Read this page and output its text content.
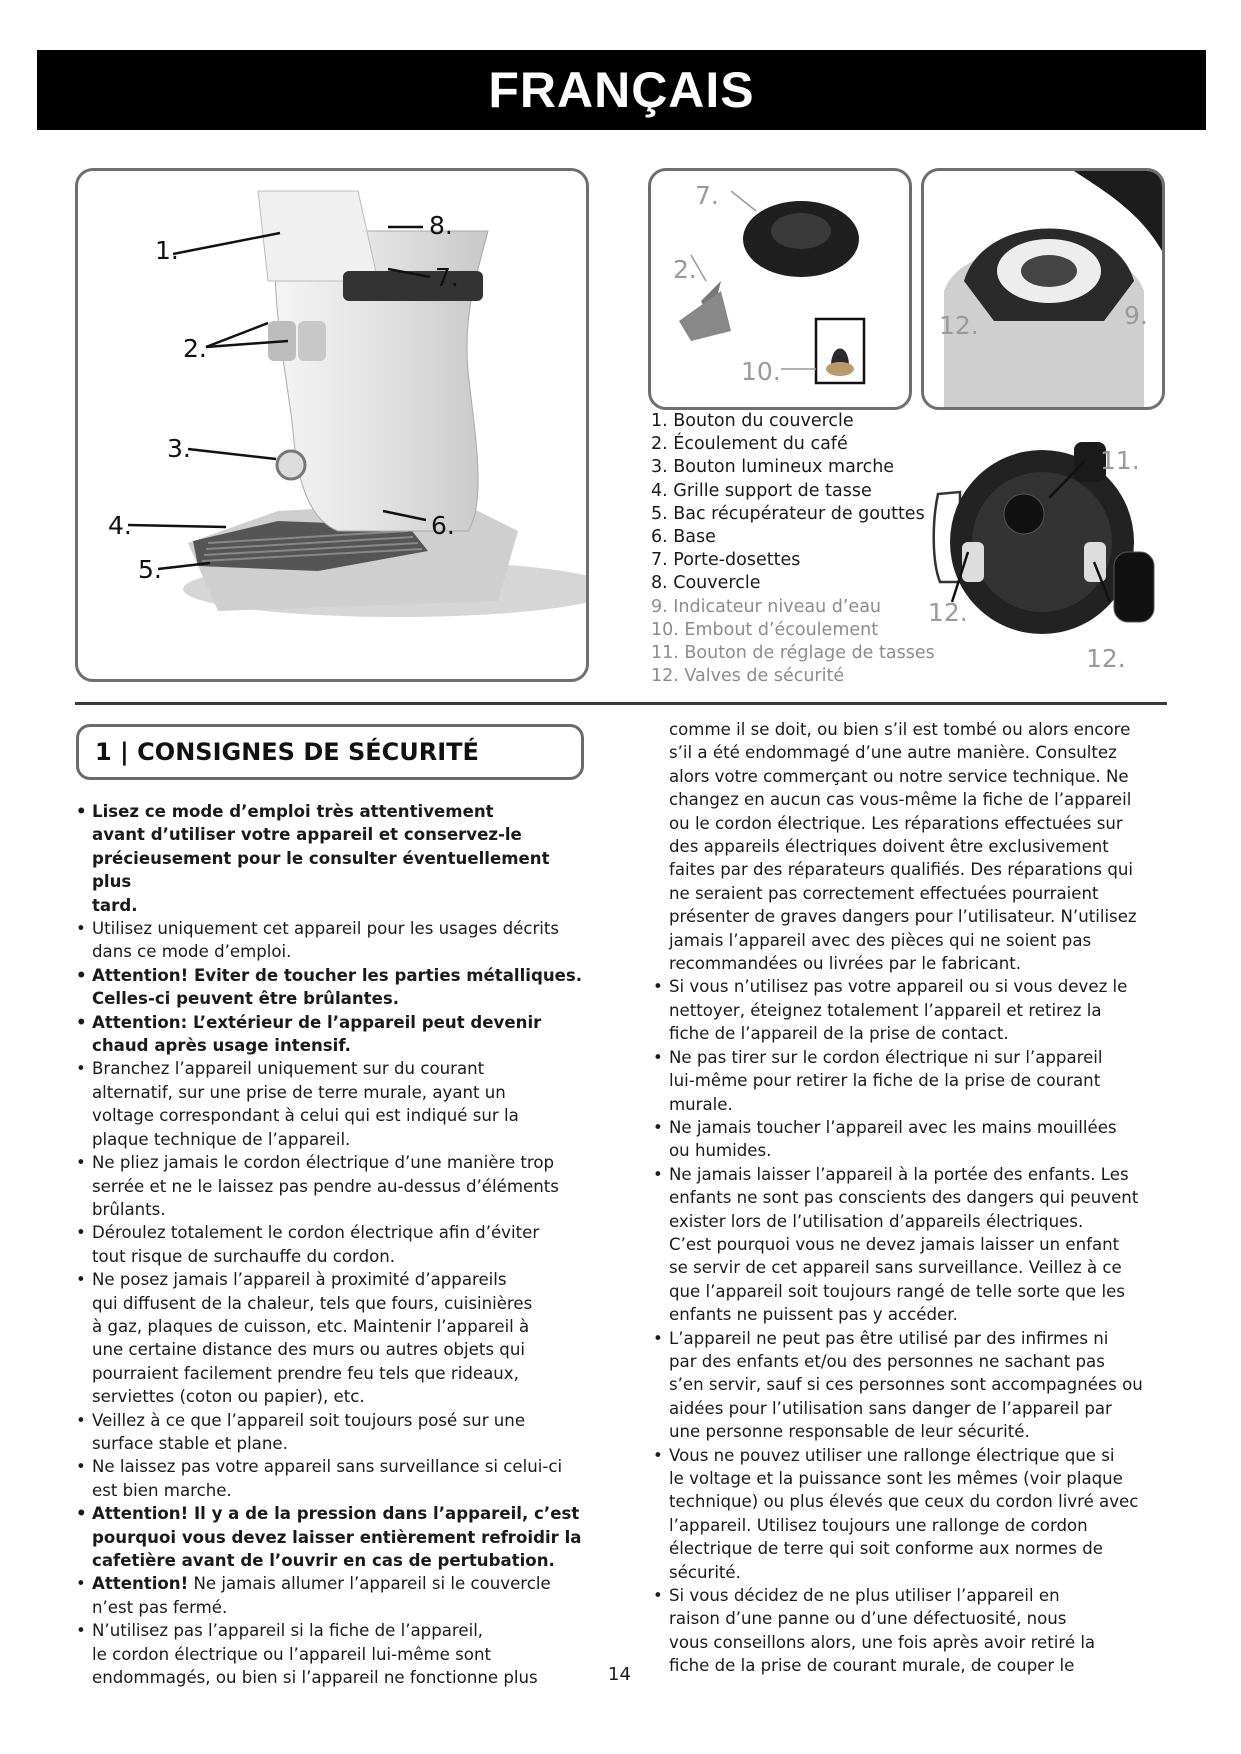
FRANÇAIS
1.
2.
3.
4.
5.
6.
7.
8.
7.
2.
10.
12.	9.
1. Bouton du couvercle
2. Écoulement du café
3. Bouton lumineux marche
4. Grille support de tasse
5. Bac récupérateur de gouttes
6. Base
7. Porte-dosettes
8. Couvercle
9. Indicateur niveau d’eau
10. Embout d’écoulement
11. Bouton de réglage de tasses
12. Valves de sécurité
11.
12.
12.
1 | CONSIGNES DE SÉCURITÉ
• Lisez ce mode d’emploi très attentivement
avant d’utiliser votre appareil et conservez-le
précieusement pour le consulter éventuellement plus
tard.
• Utilisez uniquement cet appareil pour les usages décrits
dans ce mode d’emploi.
• Attention! Eviter de toucher les parties métalliques.
Celles-ci peuvent être brûlantes.
• Attention: L’extérieur de l’appareil peut devenir
chaud après usage intensif.
• Branchez l’appareil uniquement sur du courant
alternatif, sur une prise de terre murale, ayant un
voltage correspondant à celui qui est indiqué sur la
plaque technique de l’appareil.
• Ne pliez jamais le cordon électrique d’une manière trop
serrée et ne le laissez pas pendre au-dessus d’éléments
brûlants.
• Déroulez totalement le cordon électrique afin d’éviter
tout risque de surchauffe du cordon.
• Ne posez jamais l’appareil à proximité d’appareils
qui diffusent de la chaleur, tels que fours, cuisinières
à gaz, plaques de cuisson, etc. Maintenir l’appareil à
une certaine distance des murs ou autres objets qui
pourraient facilement prendre feu tels que rideaux,
serviettes (coton ou papier), etc.
• Veillez à ce que l’appareil soit toujours posé sur une
surface stable et plane.
• Ne laissez pas votre appareil sans surveillance si celui-ci
est bien marche.
• Attention! Il y a de la pression dans l’appareil, c’est
pourquoi vous devez laisser entièrement refroidir la
cafetière avant de l’ouvrir en cas de pertubation.
• Attention! Ne jamais allumer l’appareil si le couvercle
n’est pas fermé.
• N’utilisez pas l’appareil si la fiche de l’appareil,
le cordon électrique ou l’appareil lui-même sont
endommagés, ou bien si l’appareil ne fonctionne plus
comme il se doit, ou bien s’il est tombé ou alors encore
s’il a été endommagé d’une autre manière. Consultez
alors votre commerçant ou notre service technique. Ne
changez en aucun cas vous-même la fiche de l’appareil
ou le cordon électrique. Les réparations effectuées sur
des appareils électriques doivent être exclusivement
faites par des réparateurs qualifiés. Des réparations qui
ne seraient pas correctement effectuées pourraient
présenter de graves dangers pour l’utilisateur. N’utilisez
jamais l’appareil avec des pièces qui ne soient pas
recommandées ou livrées par le fabricant.
• Si vous n’utilisez pas votre appareil ou si vous devez le
nettoyer, éteignez totalement l’appareil et retirez la
fiche de l’appareil de la prise de contact.
• Ne pas tirer sur le cordon électrique ni sur l’appareil
lui-même pour retirer la fiche de la prise de courant
murale.
• Ne jamais toucher l’appareil avec les mains mouillées
ou humides.
• Ne jamais laisser l’appareil à la portée des enfants. Les
enfants ne sont pas conscients des dangers qui peuvent
exister lors de l’utilisation d’appareils électriques.
C’est pourquoi vous ne devez jamais laisser un enfant
se servir de cet appareil sans surveillance. Veillez à ce
que l’appareil soit toujours rangé de telle sorte que les
enfants ne puissent pas y accéder.
• L’appareil ne peut pas être utilisé par des infirmes ni
par des enfants et/ou des personnes ne sachant pas
s’en servir, sauf si ces personnes sont accompagnées ou
aidées pour l’utilisation sans danger de l’appareil par
une personne responsable de leur sécurité.
• Vous ne pouvez utiliser une rallonge électrique que si
le voltage et la puissance sont les mêmes (voir plaque
technique) ou plus élevés que ceux du cordon livré avec
l’appareil. Utilisez toujours une rallonge de cordon
électrique de terre qui soit conforme aux normes de
sécurité.
• Si vous décidez de ne plus utiliser l’appareil en
raison d’une panne ou d’une défectuosité, nous
vous conseillons alors, une fois après avoir retiré la
fiche de la prise de courant murale, de couper le
14
